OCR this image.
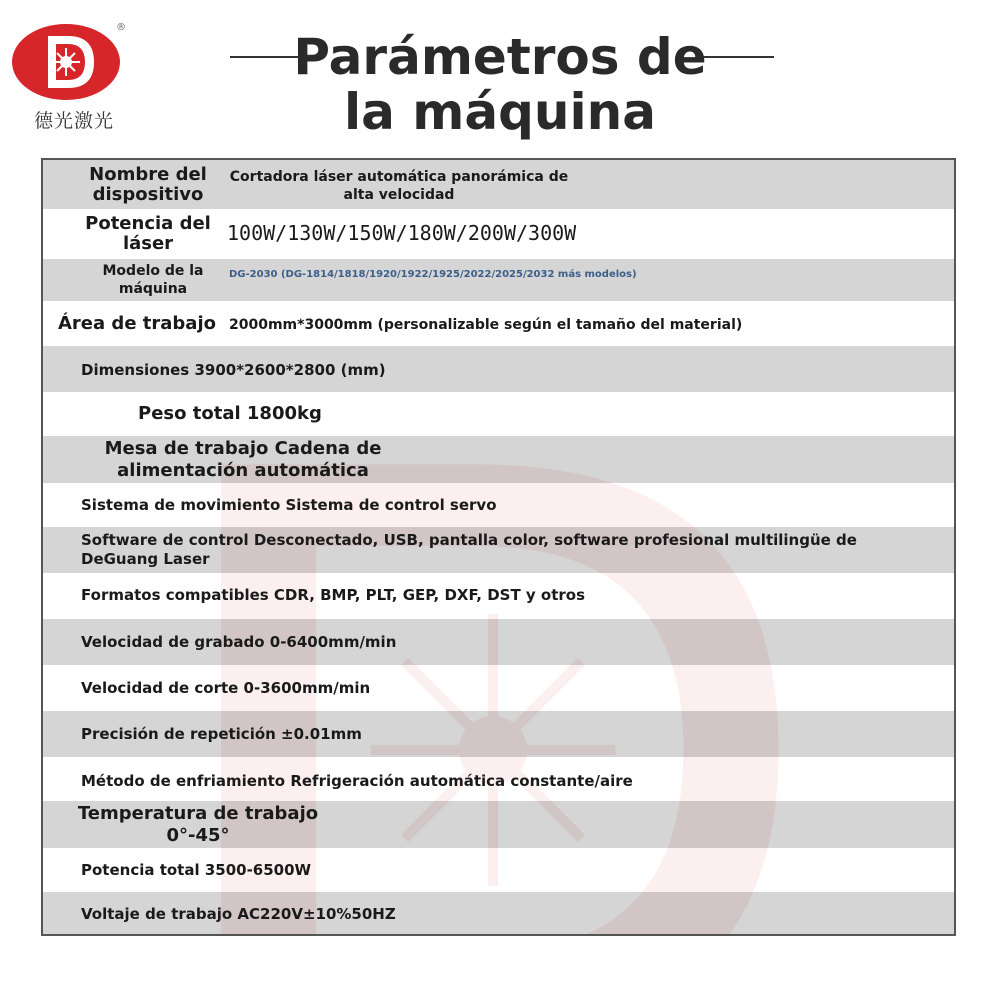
德光激光
®
Parámetros de
la máquina
Nombre del dispositivo
Cortadora láser automática panorámica de alta velocidad
Potencia del láser	100W/130W/150W/180W/200W/300W
Modelo de la máquina
DG-2030 (DG-1814/1818/1920/1922/1925/2022/2025/2032 más modelos)
Área de trabajo 2000mm*3000mm (personalizable según el tamaño del material)
Dimensiones 3900*2600*2800 (mm)
Peso total 1800kg
Mesa de trabajo Cadena de alimentación automática
Sistema de movimiento Sistema de control servo
Software de control Desconectado, USB, pantalla color, software profesional multilingüe de DeGuang Laser
Formatos compatibles CDR, BMP, PLT, GEP, DXF, DST y otros
Velocidad de grabado 0-6400mm/min
Velocidad de corte 0-3600mm/min
Precisión de repetición ±0.01mm
Método de enfriamiento Refrigeración automática constante/aire
Temperatura de trabajo 0°-45°
Potencia total 3500-6500W
Voltaje de trabajo AC220V±10%50HZ
